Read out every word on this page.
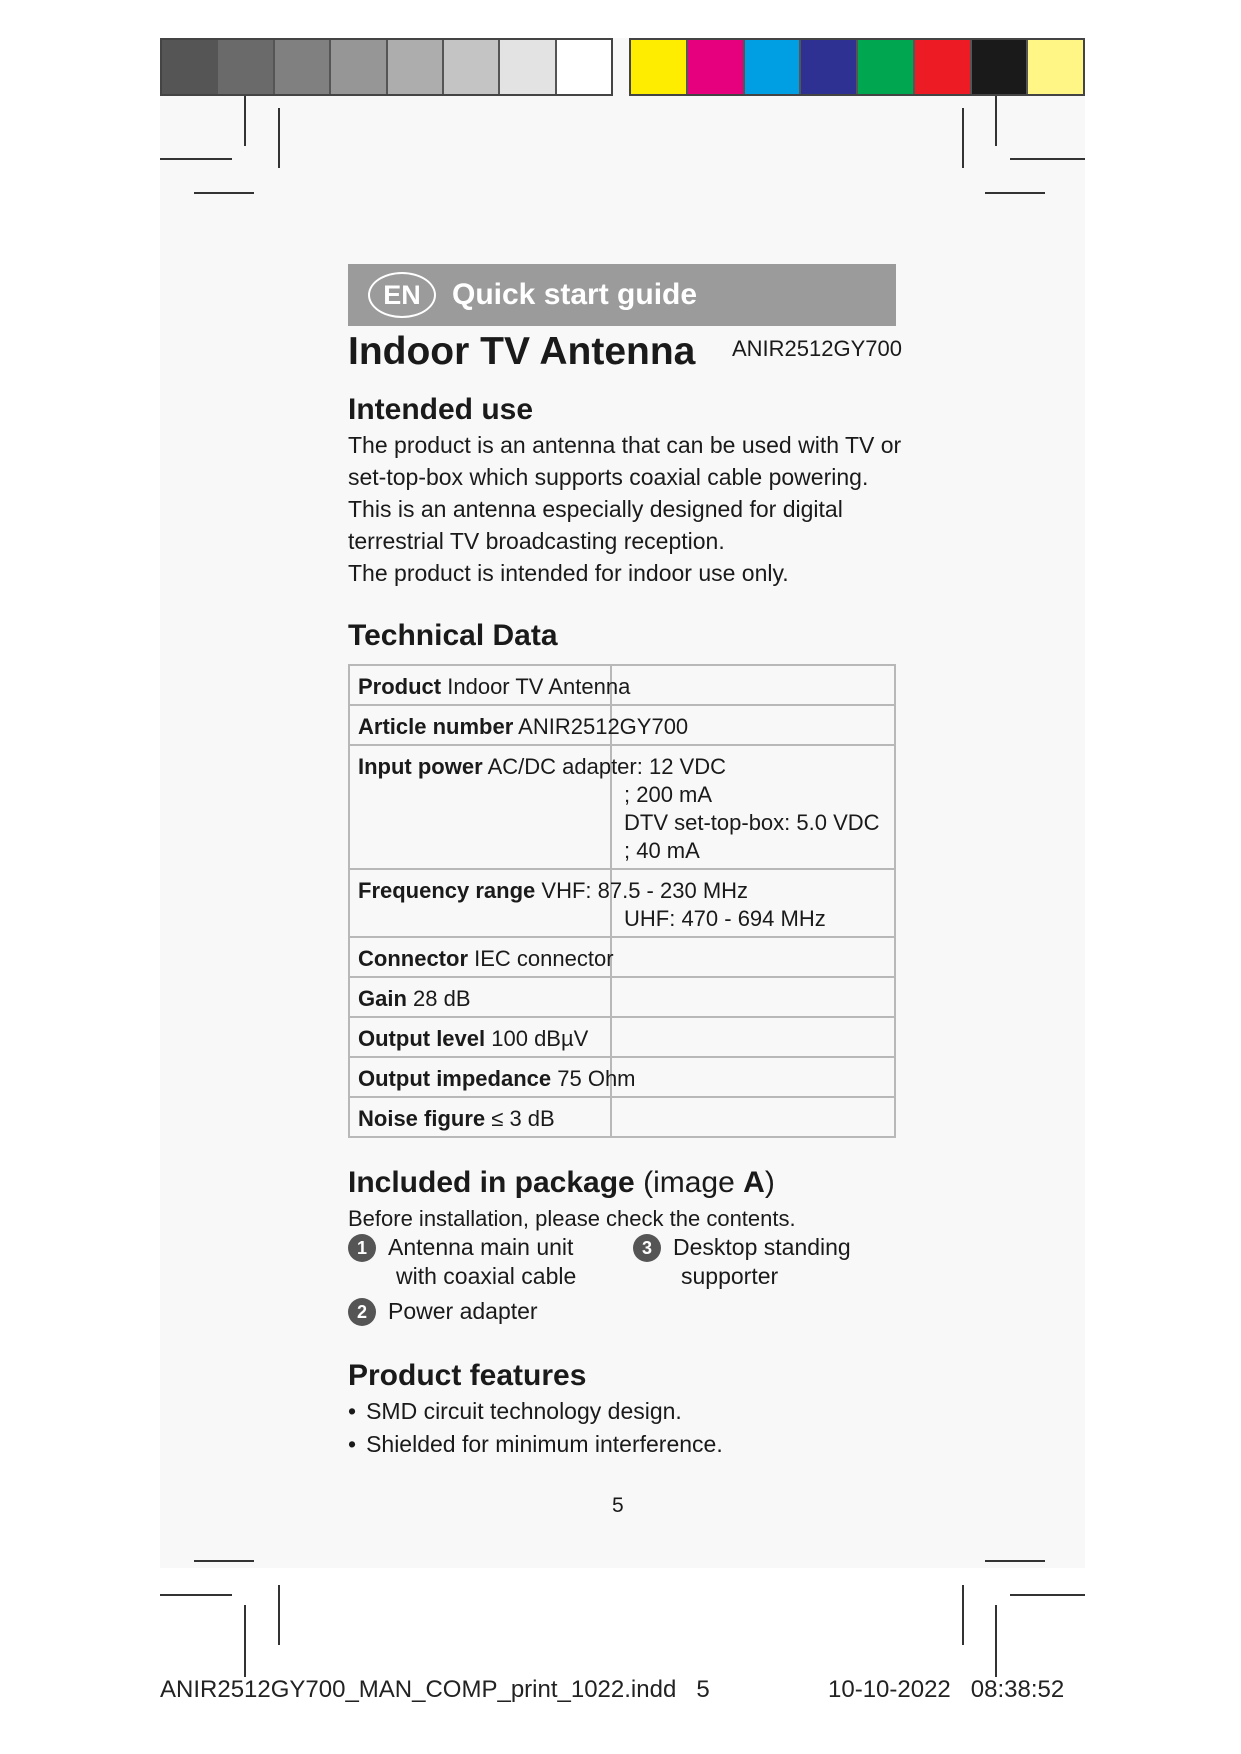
EN	Quick start guide
Indoor TV Antenna ANIR2512GY700
Intended use
The product is an antenna that can be used with TV or
set-top-box which supports coaxial cable powering.
This is an antenna especially designed for digital
terrestrial TV broadcasting reception.
The product is intended for indoor use only.
Technical Data
Product Indoor TV Antenna	

Article number ANIR2512GY700	

Input power AC/DC adapter: 12 VDC	; 200 mA
DTV set-top-box: 5.0 VDC
; 40 mA

Frequency range VHF: 87.5 - 230 MHz	UHF: 470 - 694 MHz

Connector IEC connector	

Gain 28 dB	

Output level 100 dBµV	

Output impedance 75 Ohm	

Noise figure ≤ 3 dB	

Included in package (image A)
Before installation, please check the contents.
1 Antenna main unit
with coaxial cable
2 Power adapter
3 Desktop standing
supporter
Product features
• SMD circuit technology design.
• Shielded for minimum interference.
5
ANIR2512GY700_MAN_COMP_print_1022.indd 5	10-10-2022 08:38:52
